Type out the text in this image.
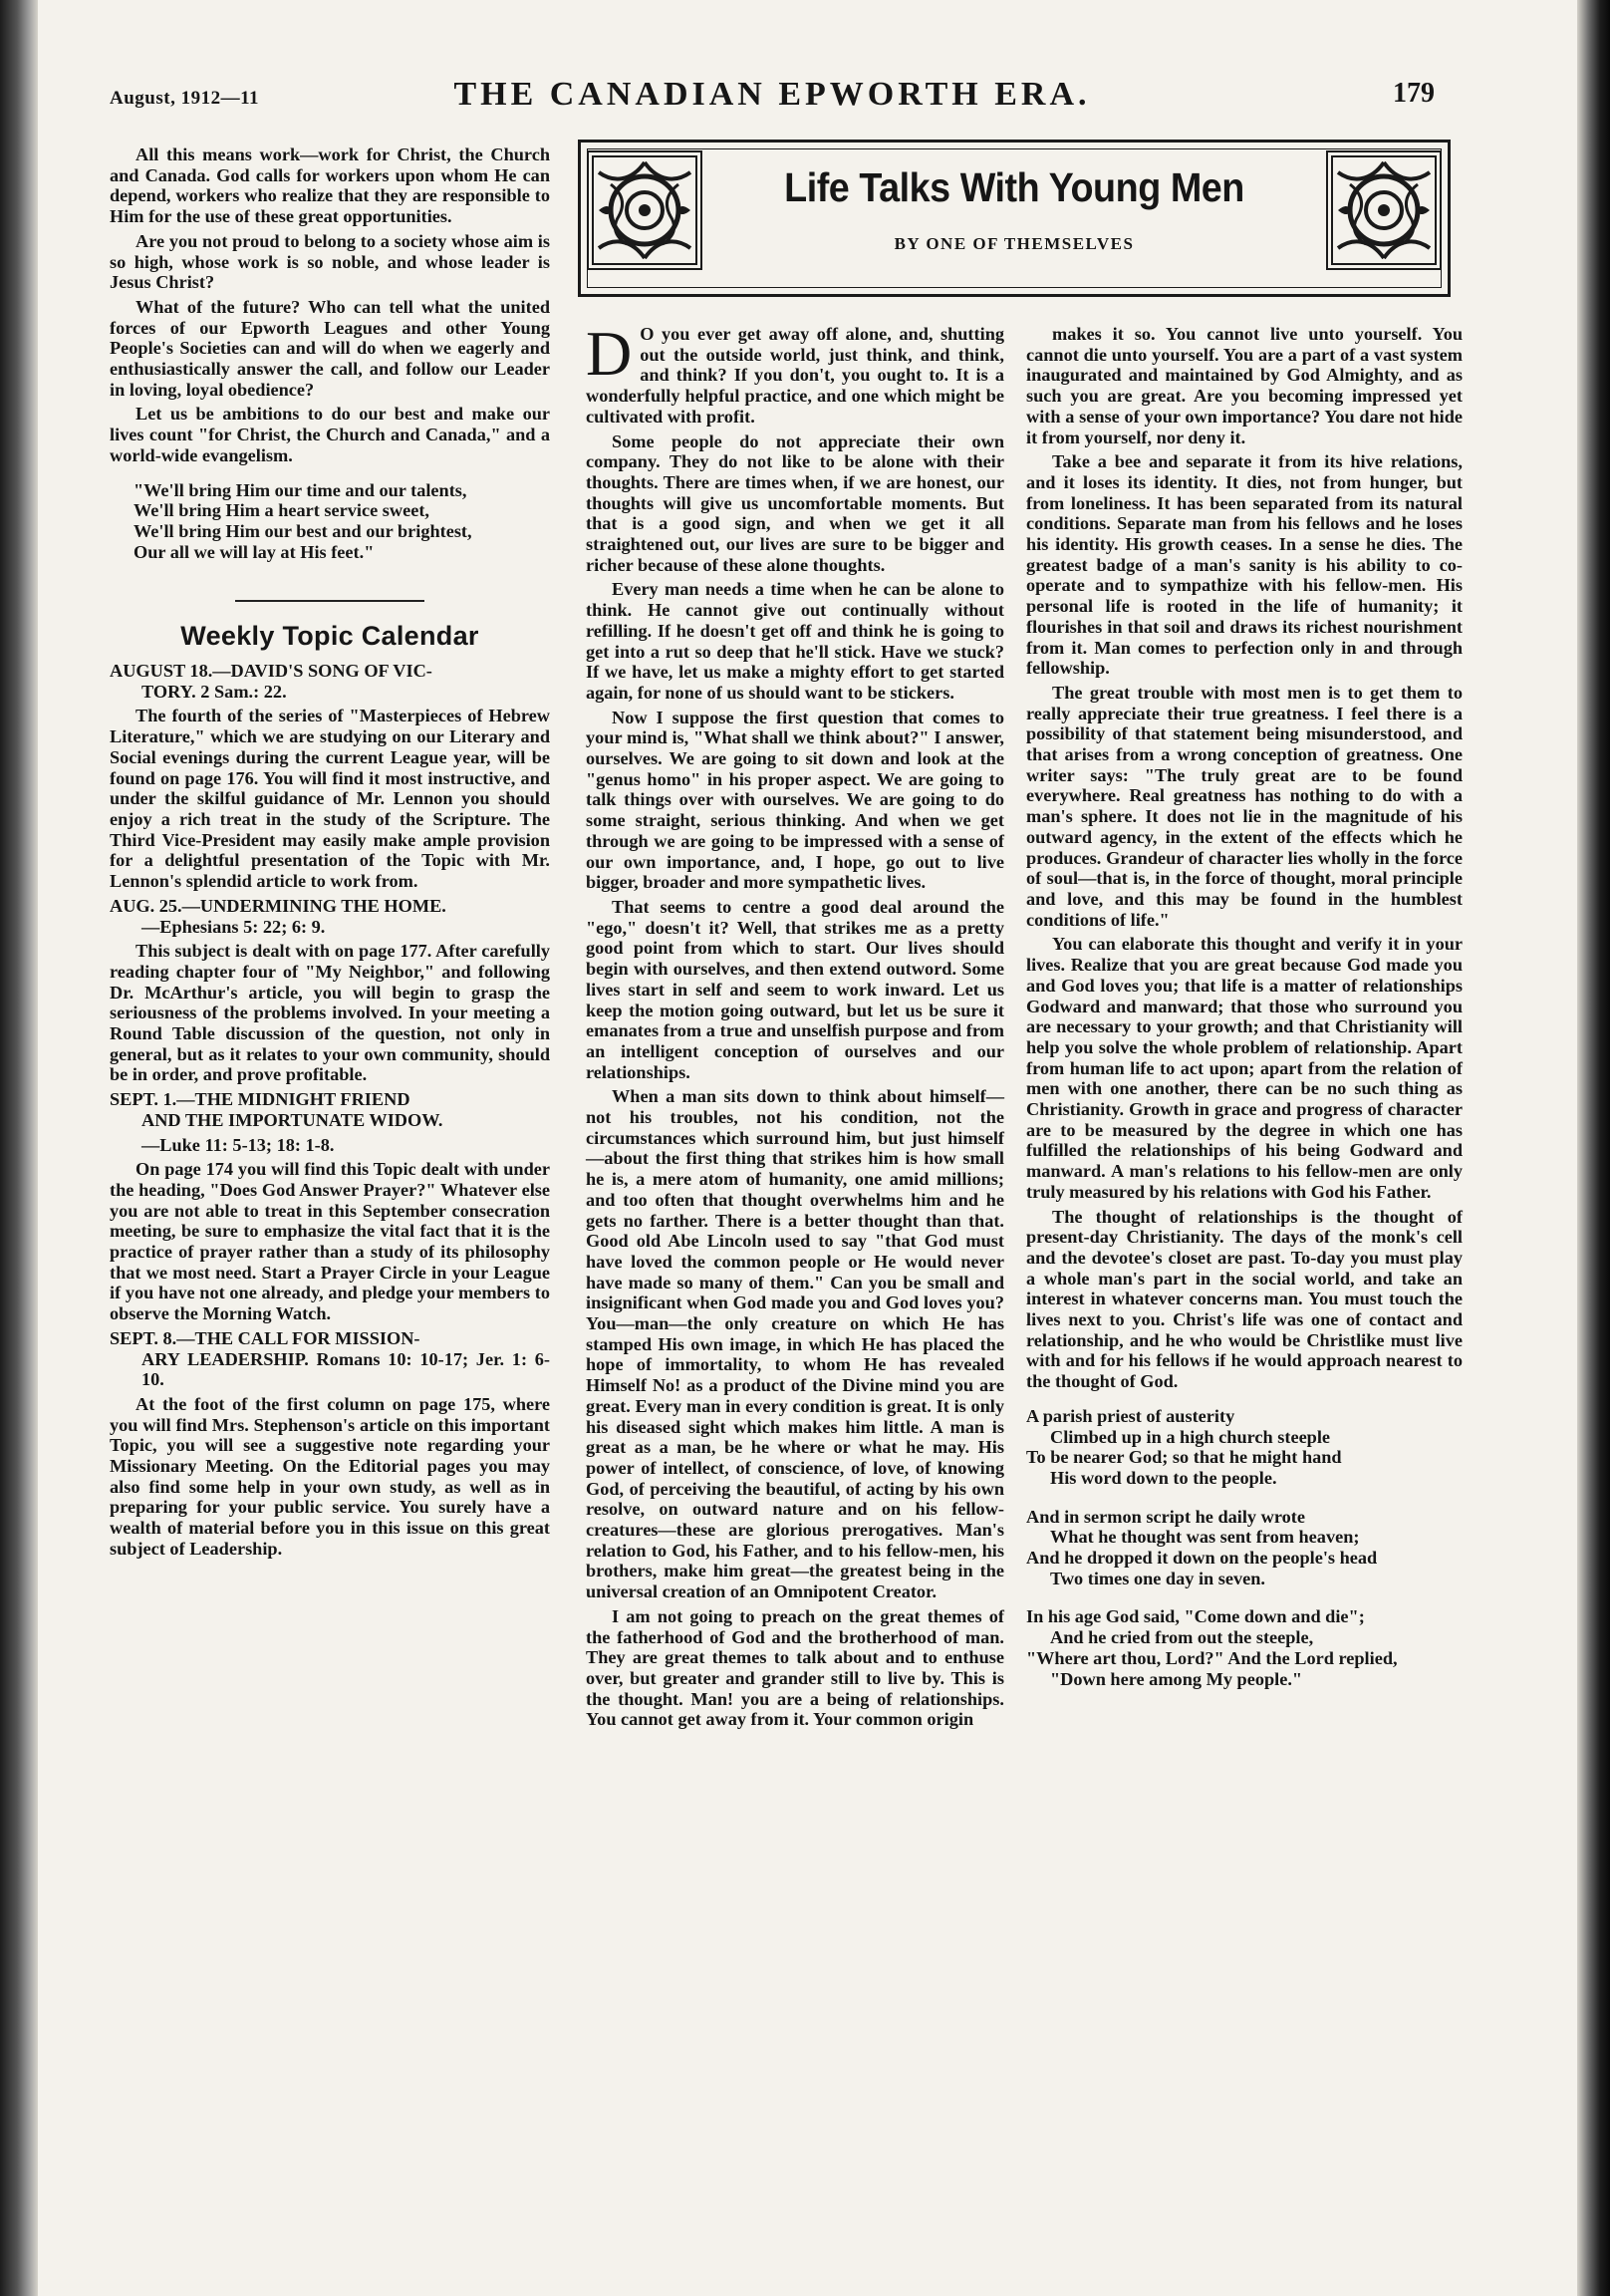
August, 1912—11	THE CANADIAN EPWORTH ERA.	179

All this means work—work for Christ, the Church and Canada. God calls for workers upon whom He can depend, workers who realize that they are responsible to Him for the use of these great opportunities.

Are you not proud to belong to a society whose aim is so high, whose work is so noble, and whose leader is Jesus Christ?

What of the future? Who can tell what the united forces of our Epworth Leagues and other Young People's Societies can and will do when we eagerly and enthusiastically answer the call, and follow our Leader in loving, loyal obedience?

Let us be ambitions to do our best and make our lives count "for Christ, the Church and Canada," and a world-wide evangelism.

"We'll bring Him our time and our talents,

We'll bring Him a heart service sweet,

We'll bring Him our best and our brightest,

Our all we will lay at His feet."

Weekly Topic Calendar

AUGUST 18.—DAVID'S SONG OF VIC-
TORY. 2 Sam.: 22.

The fourth of the series of "Masterpieces of Hebrew Literature," which we are studying on our Literary and Social evenings during the current League year, will be found on page 176. You will find it most instructive, and under the skilful guidance of Mr. Lennon you should enjoy a rich treat in the study of the Scripture. The Third Vice-President may easily make ample provision for a delightful presentation of the Topic with Mr. Lennon's splendid article to work from.

AUG. 25.—UNDERMINING THE HOME.
—Ephesians 5: 22; 6: 9.

This subject is dealt with on page 177. After carefully reading chapter four of "My Neighbor," and following Dr. McArthur's article, you will begin to grasp the seriousness of the problems involved. In your meeting a Round Table discussion of the question, not only in general, but as it relates to your own community, should be in order, and prove profitable.

SEPT. 1.—THE MIDNIGHT FRIEND
AND THE IMPORTUNATE WIDOW.

—Luke 11: 5-13; 18: 1-8.

On page 174 you will find this Topic dealt with under the heading, "Does God Answer Prayer?" Whatever else you are not able to treat in this September consecration meeting, be sure to emphasize the vital fact that it is the practice of prayer rather than a study of its philosophy that we most need. Start a Prayer Circle in your League if you have not one already, and pledge your members to observe the Morning Watch.

SEPT. 8.—THE CALL FOR MISSION-
ARY LEADERSHIP. Romans 10: 10-17; Jer. 1: 6-10.

At the foot of the first column on page 175, where you will find Mrs. Stephenson's article on this important Topic, you will see a suggestive note regarding your Missionary Meeting. On the Editorial pages you may also find some help in your own study, as well as in preparing for your public service. You surely have a wealth of material before you in this issue on this great subject of Leadership.

Life Talks With Young Men
BY ONE OF THEMSELVES

D O you ever get away off alone, and, shutting out the outside world, just think, and think, and think? If you don't, you ought to. It is a wonderfully helpful practice, and one which might be cultivated with profit.

Some people do not appreciate their own company. They do not like to be alone with their thoughts. There are times when, if we are honest, our thoughts will give us uncomfortable moments. But that is a good sign, and when we get it all straightened out, our lives are sure to be bigger and richer because of these alone thoughts.

Every man needs a time when he can be alone to think. He cannot give out continually without refilling. If he doesn't get off and think he is going to get into a rut so deep that he'll stick. Have we stuck? If we have, let us make a mighty effort to get started again, for none of us should want to be stickers.

Now I suppose the first question that comes to your mind is, "What shall we think about?" I answer, ourselves. We are going to sit down and look at the "genus homo" in his proper aspect. We are going to talk things over with ourselves. We are going to do some straight, serious thinking. And when we get through we are going to be impressed with a sense of our own importance, and, I hope, go out to live bigger, broader and more sympathetic lives.

That seems to centre a good deal around the "ego," doesn't it? Well, that strikes me as a pretty good point from which to start. Our lives should begin with ourselves, and then extend outword. Some lives start in self and seem to work inward. Let us keep the motion going outward, but let us be sure it emanates from a true and unselfish purpose and from an intelligent conception of ourselves and our relationships.

When a man sits down to think about himself—not his troubles, not his condition, not the circumstances which surround him, but just himself—about the first thing that strikes him is how small he is, a mere atom of humanity, one amid millions; and too often that thought overwhelms him and he gets no farther. There is a better thought than that. Good old Abe Lincoln used to say "that God must have loved the common people or He would never have made so many of them." Can you be small and insignificant when God made you and God loves you? You—man—the only creature on which He has stamped His own image, in which He has placed the hope of immortality, to whom He has revealed Himself No! as a product of the Divine mind you are great. Every man in every condition is great. It is only his diseased sight which makes him little. A man is great as a man, be he where or what he may. His power of intellect, of conscience, of love, of knowing God, of perceiving the beautiful, of acting by his own resolve, on outward nature and on his fellow-creatures—these are glorious prerogatives. Man's relation to God, his Father, and to his fellow-men, his brothers, make him great—the greatest being in the universal creation of an Omnipotent Creator.

I am not going to preach on the great themes of the fatherhood of God and the brotherhood of man. They are great themes to talk about and to enthuse over, but greater and grander still to live by. This is the thought. Man! you are a being of relationships. You cannot get away from it. Your common origin

makes it so. You cannot live unto yourself. You cannot die unto yourself. You are a part of a vast system inaugurated and maintained by God Almighty, and as such you are great. Are you becoming impressed yet with a sense of your own importance? You dare not hide it from yourself, nor deny it.

Take a bee and separate it from its hive relations, and it loses its identity. It dies, not from hunger, but from loneliness. It has been separated from its natural conditions. Separate man from his fellows and he loses his identity. His growth ceases. In a sense he dies. The greatest badge of a man's sanity is his ability to co-operate and to sympathize with his fellow-men. His personal life is rooted in the life of humanity; it flourishes in that soil and draws its richest nourishment from it. Man comes to perfection only in and through fellowship.

The great trouble with most men is to get them to really appreciate their true greatness. I feel there is a possibility of that statement being misunderstood, and that arises from a wrong conception of greatness. One writer says: "The truly great are to be found everywhere. Real greatness has nothing to do with a man's sphere. It does not lie in the magnitude of his outward agency, in the extent of the effects which he produces. Grandeur of character lies wholly in the force of soul—that is, in the force of thought, moral principle and love, and this may be found in the humblest conditions of life."

You can elaborate this thought and verify it in your lives. Realize that you are great because God made you and God loves you; that life is a matter of relationships Godward and manward; that those who surround you are necessary to your growth; and that Christianity will help you solve the whole problem of relationship. Apart from human life to act upon; apart from the relation of men with one another, there can be no such thing as Christianity. Growth in grace and progress of character are to be measured by the degree in which one has fulfilled the relationships of his being Godward and manward. A man's relations to his fellow-men are only truly measured by his relations with God his Father.

The thought of relationships is the thought of present-day Christianity. The days of the monk's cell and the devotee's closet are past. To-day you must play a whole man's part in the social world, and take an interest in whatever concerns man. You must touch the lives next to you. Christ's life was one of contact and relationship, and he who would be Christlike must live with and for his fellows if he would approach nearest to the thought of God.

A parish priest of austerity

Climbed up in a high church steeple

To be nearer God; so that he might hand

His word down to the people.

And in sermon script he daily wrote

What he thought was sent from heaven;

And he dropped it down on the people's head

Two times one day in seven.

In his age God said, "Come down and die";

And he cried from out the steeple,

"Where art thou, Lord?" And the Lord replied,

"Down here among My people."
